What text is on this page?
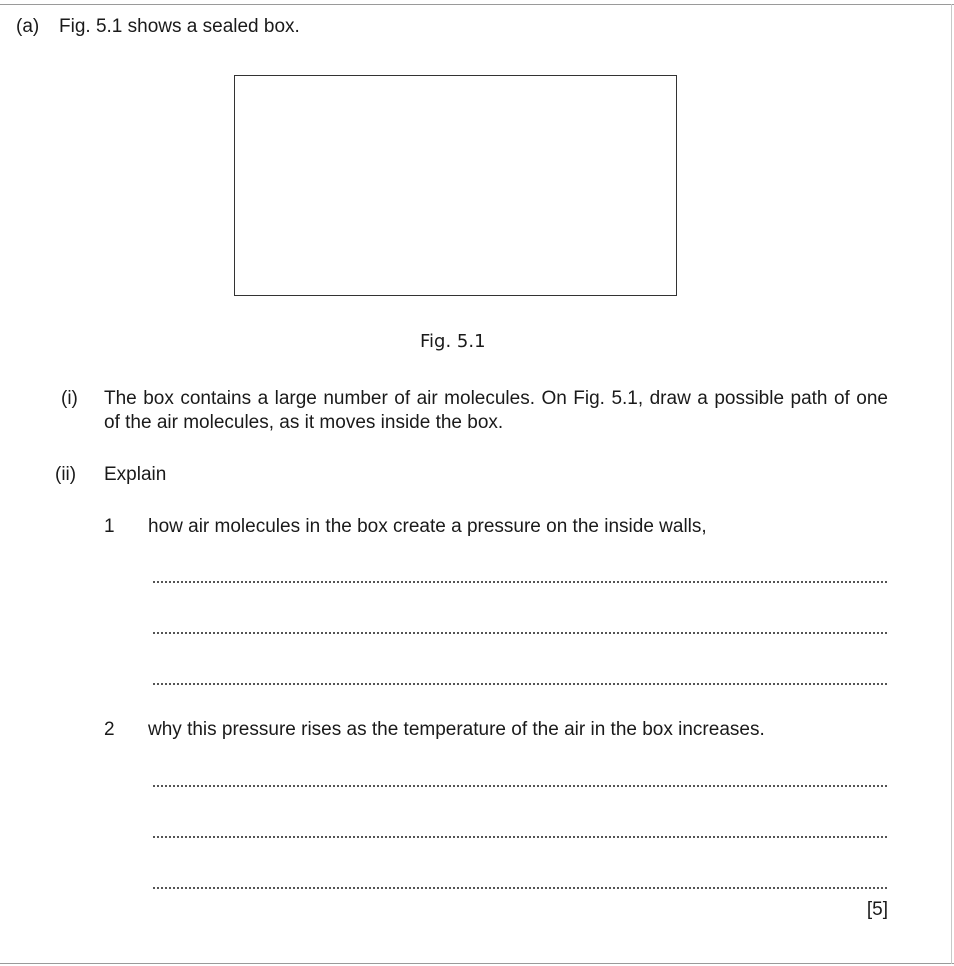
(a) Fig. 5.1 shows a sealed box.
Fig. 5.1
(i) The box contains a large number of air molecules. On Fig. 5.1, draw a possible path of one of the air molecules, as it moves inside the box.
(ii) Explain
1 how air molecules in the box create a pressure on the inside walls,
2 why this pressure rises as the temperature of the air in the box increases.
[5]
